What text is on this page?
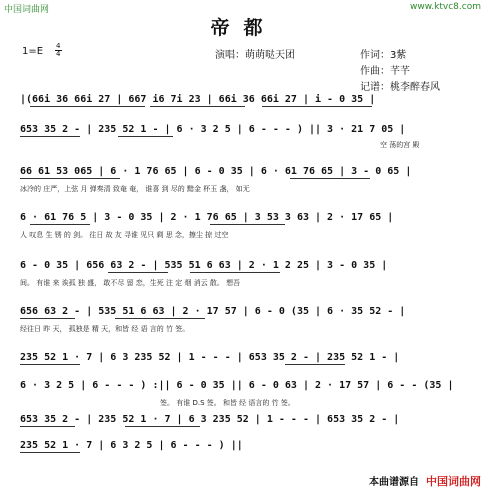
中国词曲网	www.ktvc8.com
帝都
1=E 4
4	演唱：萌萌哒天团	作词：3紫
作曲：芊芊
记谱：桃李醉春风
|(66i 36 66i 27 | 667 i6 7i 23 | 66i 36 66i 27 | i - 0 35 |
653 35 2 - | 235 52 1 - | 6 · 3 2 5 | 6 - - - ) || 3 · 21 7 05 |
空 荡的宫 殿
66 61 53 065 | 6 · 1 76 65 | 6 - 0 35 | 6 · 61 76 65 | 3 - 0 65 |
冰冷的 庄严，上弦 月 弹奏清 致奄 奄， 谁喜 到 尽的 黯金 杯玉 盏， 如无
6 · 61 76 5 | 3 - 0 35 | 2 · 1 76 65 | 3 53 3 63 | 2 · 17 65 |
人 叹息 生 锈 的 剑。 往日 故 友 寻谁 见只 剩 思 念，擦尘 掠 过空
6 - 0 35 | 656 63 2 - | 535 51 6 63 | 2 · 1 2 25 | 3 - 0 35 |
间。 有谁 来 诶孤 独 盛， 敢不尽 留 恋，生死 注 定 烟 消云 散。 想吾
656 63 2 - | 535 51 6 63 | 2 · 17 57 | 6 - 0 (35 | 6 · 35 52 - |
经往日 昨 天， 孤独是 精 天，和皆 经 语 言的 竹 签。
235 52 1 · 7 | 6 3 235 52 | 1 - - - | 653 35 2 - | 235 52 1 - |
6 · 3 2 5 | 6 - - - ) :|| 6 - 0 35 || 6 - 0 63 | 2 · 17 57 | 6 - - (35 |
签。 有谁 D.S 签。 和皆 经 语言的 竹 签。
653 35 2 - | 235 52 1 · 7 | 6 3 235 52 | 1 - - - | 653 35 2 - |
235 52 1 · 7 | 6 3 2 5 | 6 - - - ) ||
本曲谱源自 中国词曲网
